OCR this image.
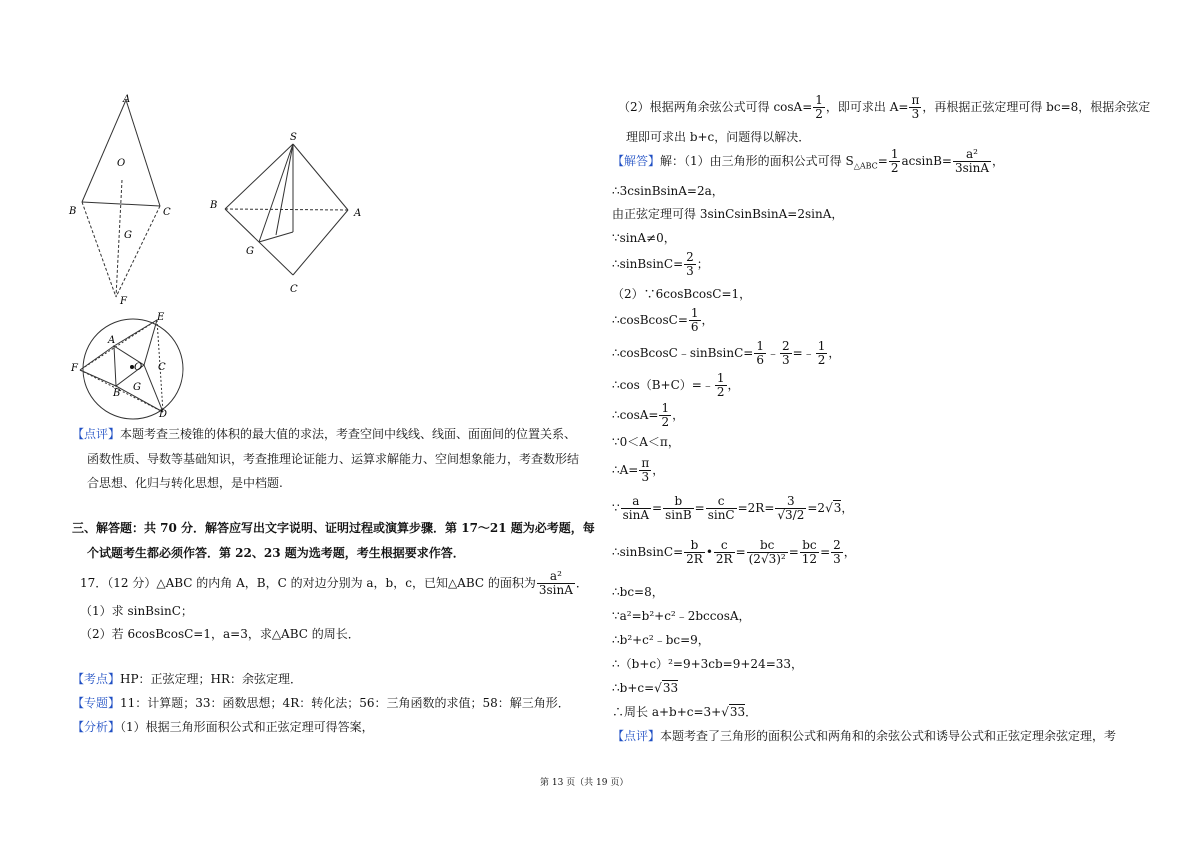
A
O
B	C
G
F
S
B
A
G
C
E
A
F	O C
B
G
D
【点评】本题考查三棱锥的体积的最大值的求法，考查空间中线线、线面、面面间的位置关系、
函数性质、导数等基础知识，考查推理论证能力、运算求解能力、空间想象能力，考查数形结
合思想、化归与转化思想，是中档题.
三、解答题：共 70 分．解答应写出文字说明、证明过程或演算步骤．第 17～21 题为必考题，每
个试题考生都必须作答．第 22、23 题为选考题，考生根据要求作答．
17．（12 分）△ABC 的内角 A，B，C 的对边分别为 a，b，c，已知△ABC 的面积为 $\frac{\text{a²}}{3\sin A}$ ．
（1）求 sinBsinC；
（2）若 6cosBcosC=1，a=3，求△ABC 的周长．
【考点】HP：正弦定理；HR：余弦定理．
【专题】11：计算题；33：函数思想；4R：转化法；56：三角函数的求值；58：解三角形．
【分析】（1）根据三角形面积公式和正弦定理可得答案，
（2）根据两角余弦公式可得 $\cos A= \frac{1}{2}$ ，即可求出 $A= \frac{\pi}{3}$ ，再根据正弦定理可得 bc=8，根据余弦定
理即可求出 b+c，问题得以解决．
【解答】解：（1）由三角形的面积公式可得 $S_{\triangle ABC}= \frac{1}{2} acsinB= \frac{\text{a²}}{3\sin A}$ ，
∴3csinBsinA=2a，
由正弦定理可得 3sinCsinBsinA=2sinA，
∵sinA≠0，
∴sinBsinC= $\frac{2}{3}$ ；
（2）∵6cosBcosC=1，
∴cosBcosC= $\frac{1}{6}$ ，
∴cosBcosC﹣sinBsinC= $\frac{1}{6}$ ﹣ $\frac{2}{3}$ =﹣ $\frac{1}{2}$ ，
∴cos（B+C）=﹣ $\frac{1}{2}$ ，
∴cosA= $\frac{1}{2}$ ，
∵0＜A＜π，
∴A= $\frac{\pi}{3}$ ，
∵ $\frac{a}{\sin A} = \frac{b}{\sin B} = \frac{c}{\sin C} =2R= \frac{3}{√3/2} =2√3$，
∴sinBsinC= $\frac{b}{2R}$ • $\frac{c}{2R} = \frac{bc}{\text{(2√3)²}} = \frac{bc}{12} = \frac{2}{3}$ ，
∴bc=8，
∵a²=b²+c²﹣2bccosA，
∴b²+c²﹣bc=9，
∴（b+c）²=9+3cb=9+24=33，
∴b+c=√33
∴周长 a+b+c=3+√33．
【点评】本题考查了三角形的面积公式和两角和的余弦公式和诱导公式和正弦定理余弦定理，考
第 13 页（共 19 页）
